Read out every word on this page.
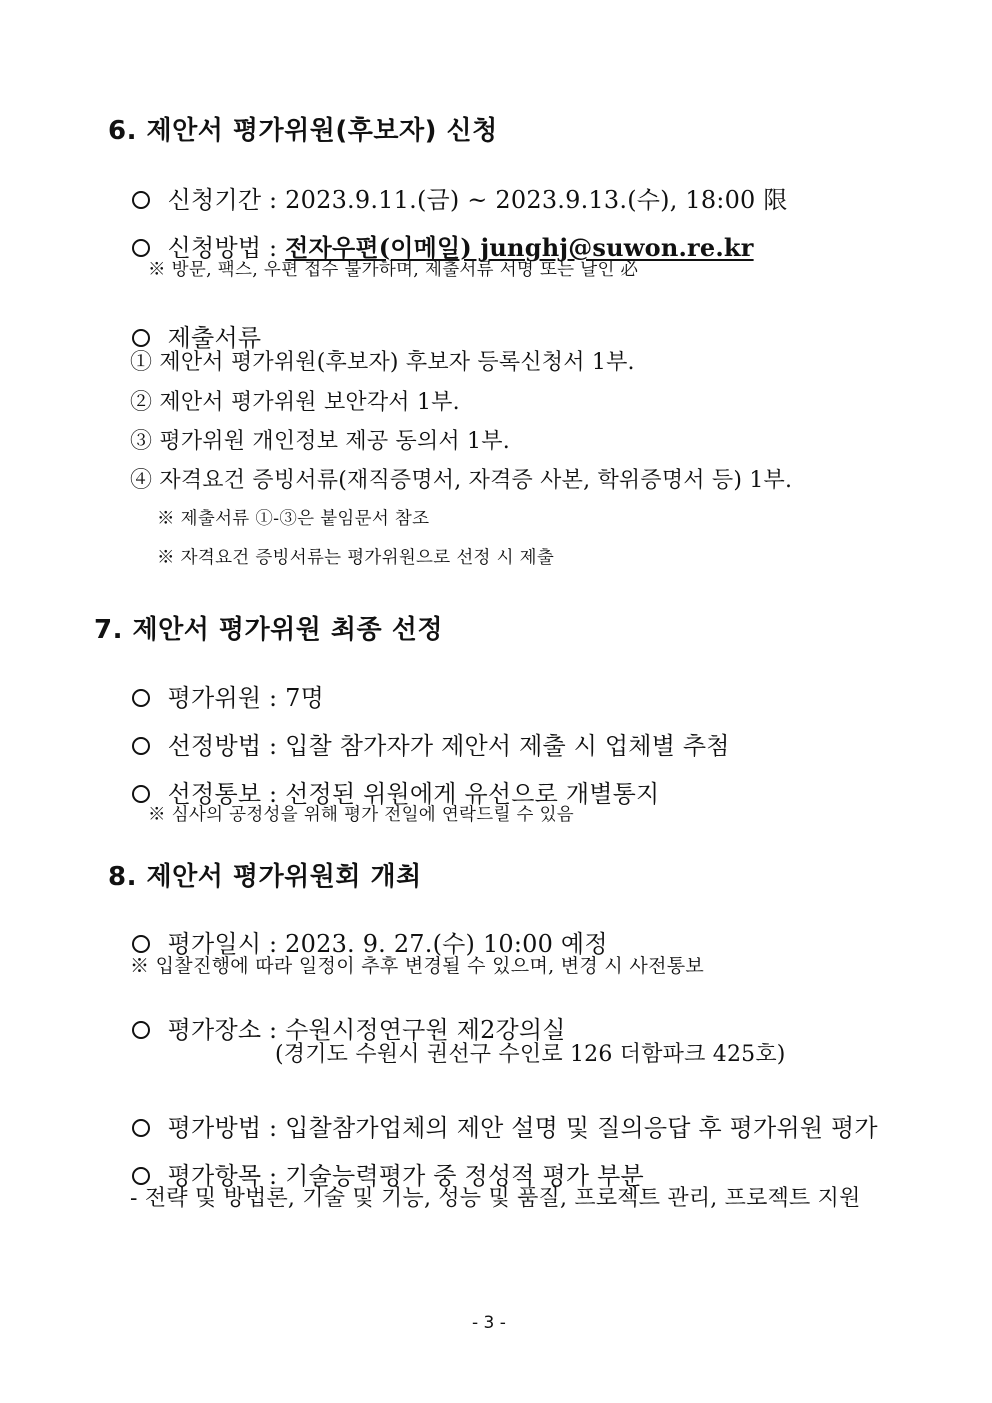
6. 제안서 평가위원(후보자) 신청

신청기간 : 2023.9.11.(금) ~ 2023.9.13.(수), 18:00 限

신청방법 : 전자우편(이메일) junghj@suwon.re.kr

※ 방문, 팩스, 우편 접수 불가하며, 제출서류 서명 또는 날인 必

제출서류

① 제안서 평가위원(후보자) 후보자 등록신청서 1부.
② 제안서 평가위원 보안각서 1부.
③ 평가위원 개인정보 제공 동의서 1부.
④ 자격요건 증빙서류(재직증명서, 자격증 사본, 학위증명서 등) 1부.
※ 제출서류 ①-③은 붙임문서 참조
※ 자격요건 증빙서류는 평가위원으로 선정 시 제출
7. 제안서 평가위원 최종 선정

평가위원 : 7명

선정방법 : 입찰 참가자가 제안서 제출 시 업체별 추첨

선정통보 : 선정된 위원에게 유선으로 개별통지

※ 심사의 공정성을 위해 평가 전일에 연락드릴 수 있음
8. 제안서 평가위원회 개최

평가일시 : 2023. 9. 27.(수) 10:00 예정

※ 입찰진행에 따라 일정이 추후 변경될 수 있으며, 변경 시 사전통보

평가장소 : 수원시정연구원 제2강의실

(경기도 수원시 권선구 수인로 126 더함파크 425호)

평가방법 : 입찰참가업체의 제안 설명 및 질의응답 후 평가위원 평가

평가항목 : 기술능력평가 중 정성적 평가 부분

- 전략 및 방법론, 기술 및 기능, 성능 및 품질, 프로젝트 관리, 프로젝트 지원
- 3 -
